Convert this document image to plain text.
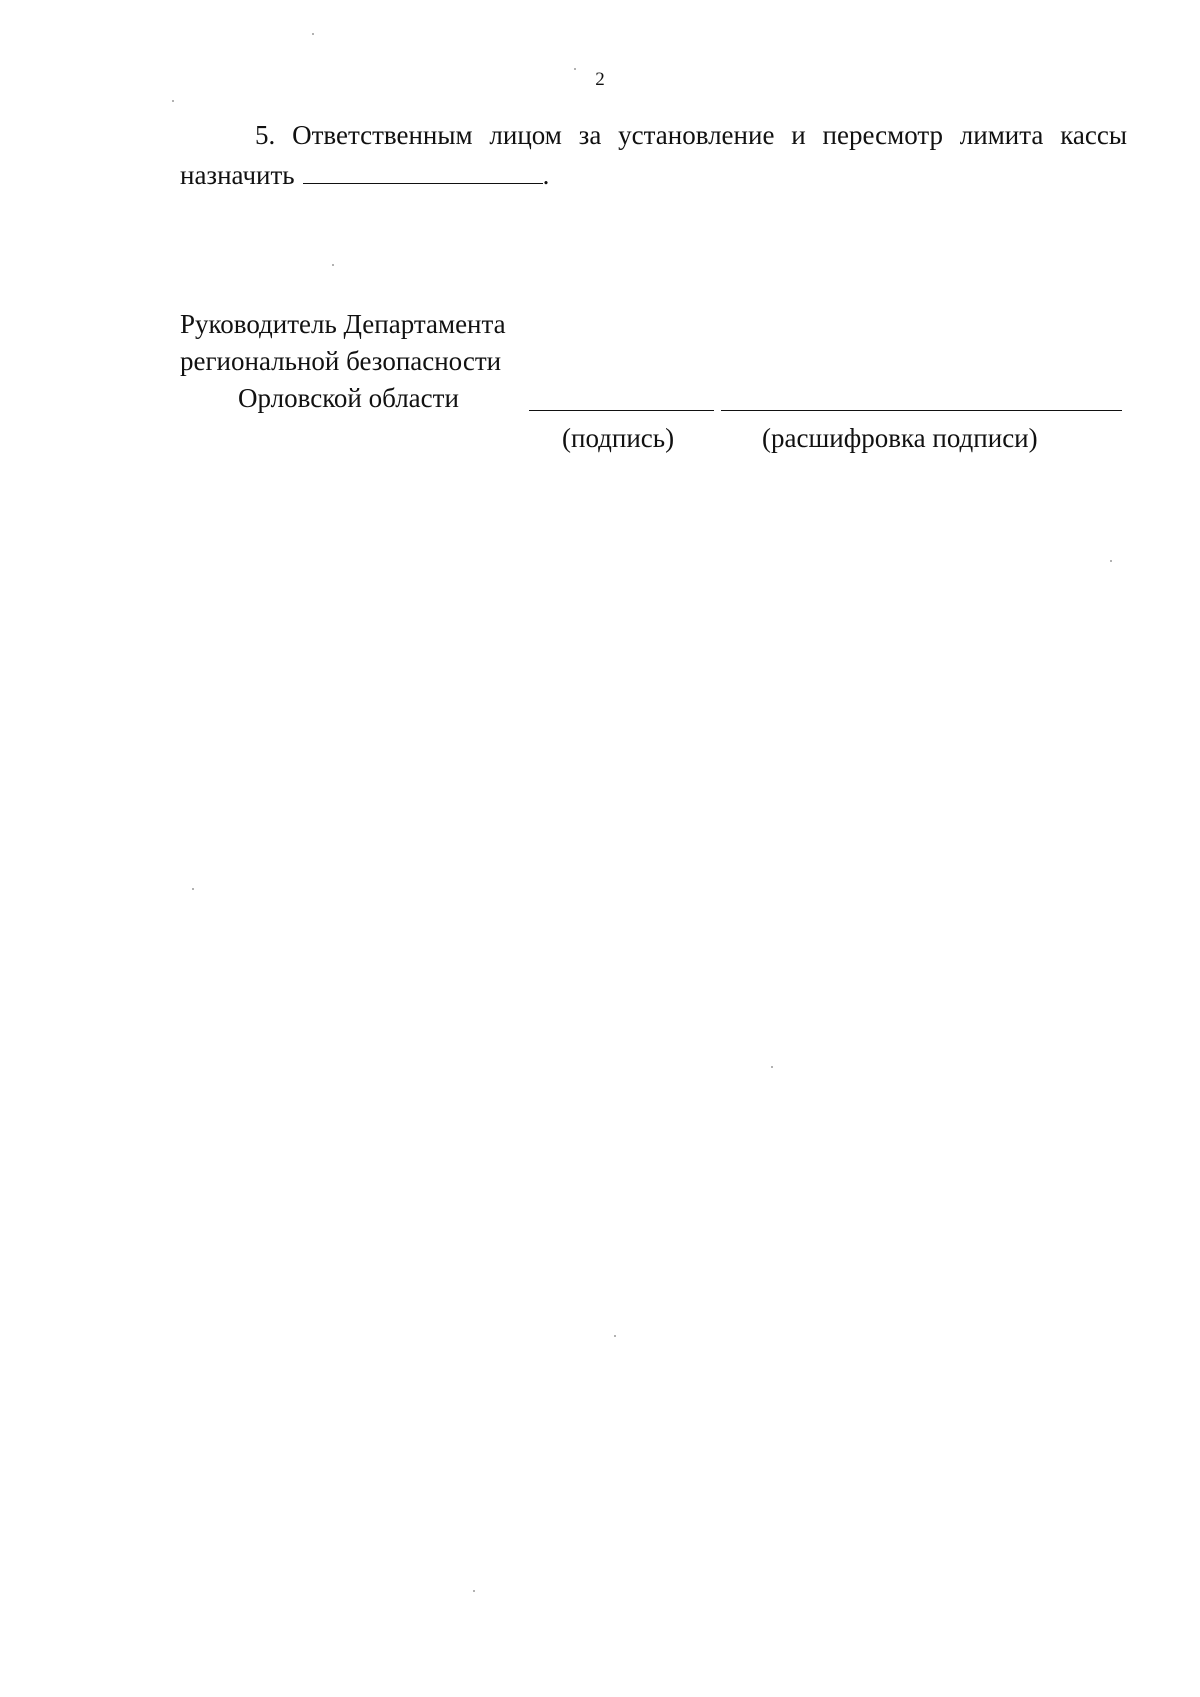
2
5. Ответственным лицом за установление и пересмотр лимита кассы
назначить	.
Руководитель Департамента
региональной безопасности
Орловской области
(подпись)	(расшифровка подписи)
